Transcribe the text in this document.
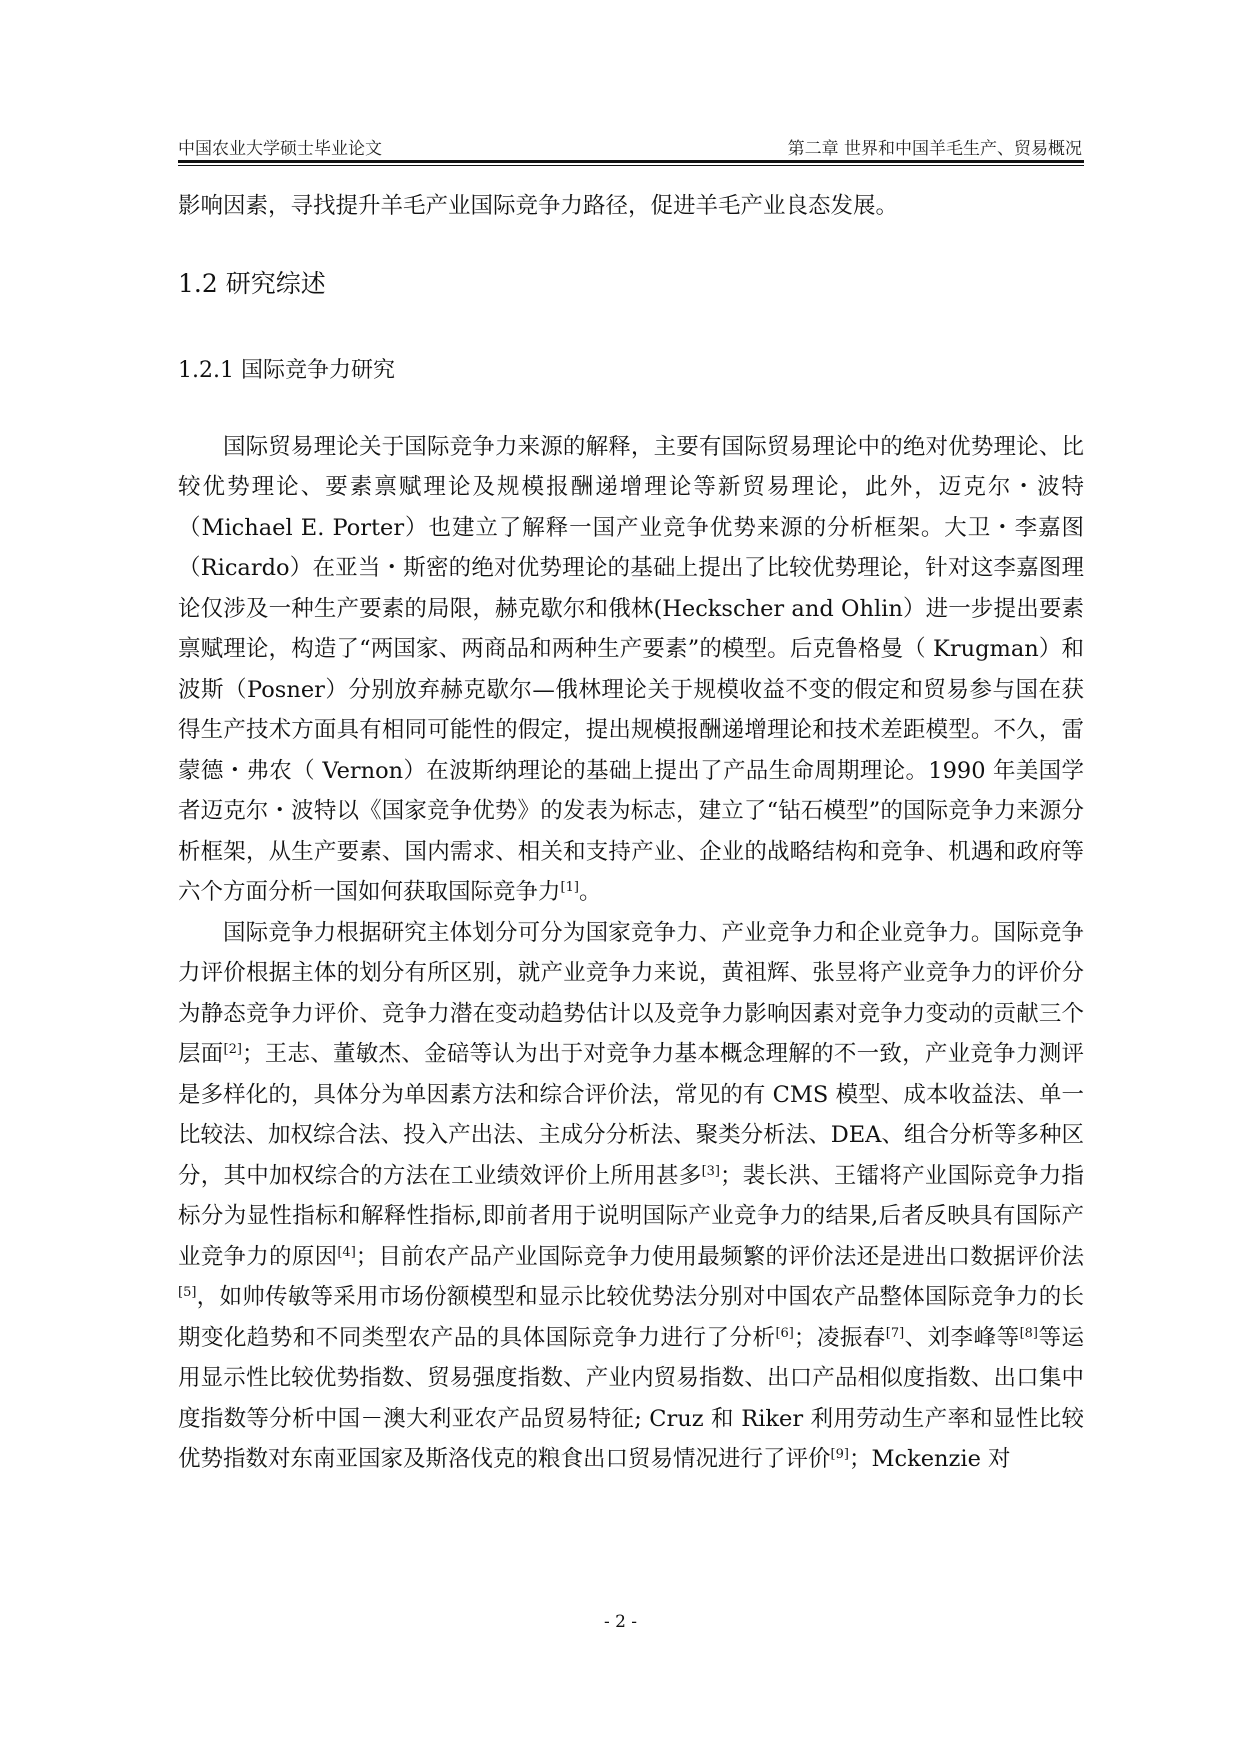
中国农业大学硕士毕业论文	第二章 世界和中国羊毛生产、贸易概况

影响因素，寻找提升羊毛产业国际竞争力路径，促进羊毛产业良态发展。

1.2 研究综述
1.2.1 国际竞争力研究

国际贸易理论关于国际竞争力来源的解释，主要有国际贸易理论中的绝对优势理论、比较优势理论、要素禀赋理论及规模报酬递增理论等新贸易理论，此外，迈克尔・波特（Michael E. Porter）也建立了解释一国产业竞争优势来源的分析框架。大卫・李嘉图（Ricardo）在亚当・斯密的绝对优势理论的基础上提出了比较优势理论，针对这李嘉图理论仅涉及一种生产要素的局限，赫克歇尔和俄林(Heckscher and Ohlin）进一步提出要素禀赋理论，构造了“两国家、两商品和两种生产要素”的模型。后克鲁格曼（ Krugman）和波斯（Posner）分别放弃赫克歇尔—俄林理论关于规模收益不变的假定和贸易参与国在获得生产技术方面具有相同可能性的假定，提出规模报酬递增理论和技术差距模型。不久，雷蒙德・弗农（ Vernon）在波斯纳理论的基础上提出了产品生命周期理论。1990 年美国学者迈克尔・波特以《国家竞争优势》的发表为标志，建立了“钻石模型”的国际竞争力来源分析框架，从生产要素、国内需求、相关和支持产业、企业的战略结构和竞争、机遇和政府等六个方面分析一国如何获取国际竞争力[1]。

国际竞争力根据研究主体划分可分为国家竞争力、产业竞争力和企业竞争力。国际竞争力评价根据主体的划分有所区别，就产业竞争力来说，黄祖辉、张昱将产业竞争力的评价分为静态竞争力评价、竞争力潜在变动趋势估计以及竞争力影响因素对竞争力变动的贡献三个层面[2]；王志、董敏杰、金碚等认为出于对竞争力基本概念理解的不一致，产业竞争力测评是多样化的，具体分为单因素方法和综合评价法，常见的有 CMS 模型、成本收益法、单一比较法、加权综合法、投入产出法、主成分分析法、聚类分析法、DEA、组合分析等多种区分，其中加权综合的方法在工业绩效评价上所用甚多[3]；裴长洪、王镭将产业国际竞争力指标分为显性指标和解释性指标,即前者用于说明国际产业竞争力的结果,后者反映具有国际产业竞争力的原因[4]；目前农产品产业国际竞争力使用最频繁的评价法还是进出口数据评价法[5]，如帅传敏等采用市场份额模型和显示比较优势法分别对中国农产品整体国际竞争力的长期变化趋势和不同类型农产品的具体国际竞争力进行了分析[6]；凌振春[7]、刘李峰等[8]等运用显示性比较优势指数、贸易强度指数、产业内贸易指数、出口产品相似度指数、出口集中度指数等分析中国－澳大利亚农产品贸易特征; Cruz 和 Riker 利用劳动生产率和显性比较优势指数对东南亚国家及斯洛伐克的粮食出口贸易情况进行了评价[9]；Mckenzie 对

- 2 -
